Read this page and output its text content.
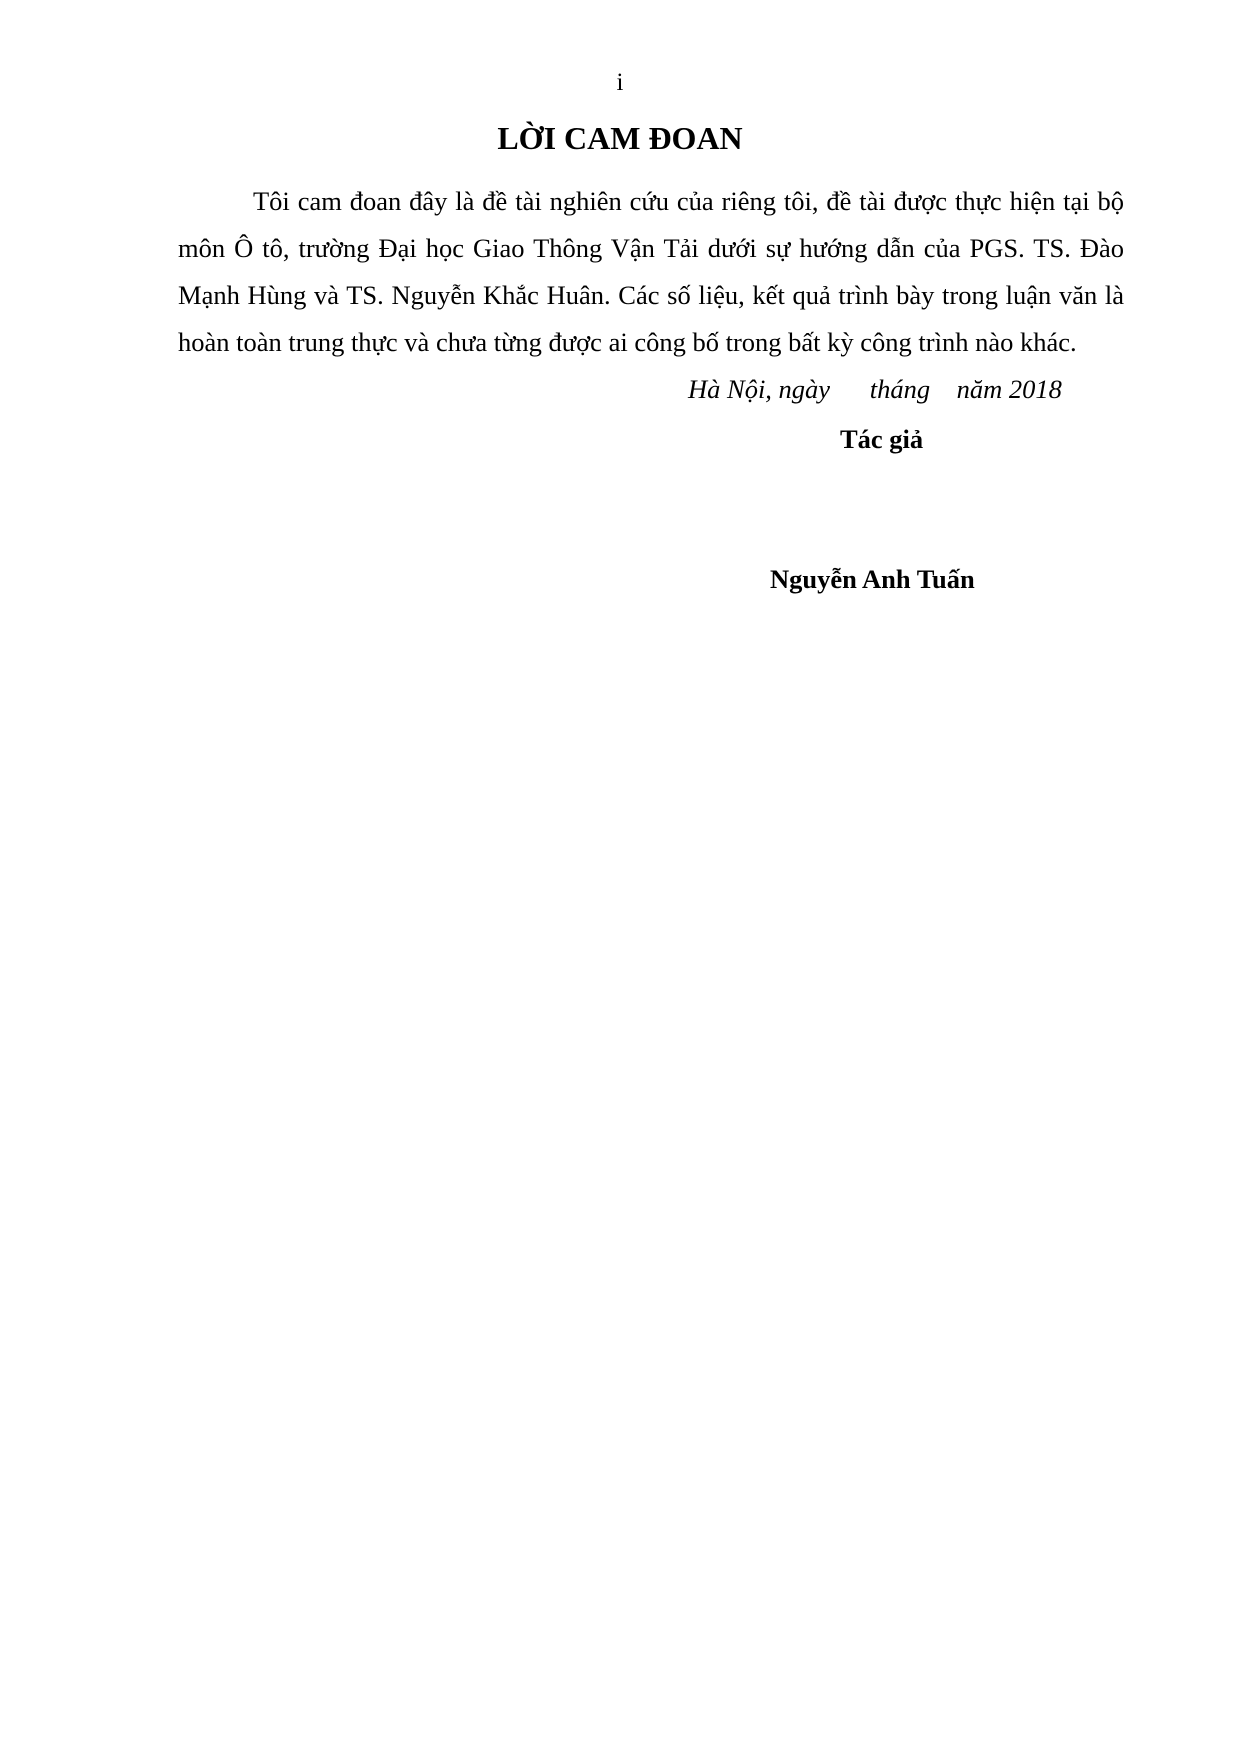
i
LỜI CAM ĐOAN

Tôi cam đoan đây là đề tài nghiên cứu của riêng tôi, đề tài được thực hiện tại bộ môn Ô tô, trường Đại học Giao Thông Vận Tải dưới sự hướng dẫn của PGS. TS. Đào Mạnh Hùng và TS. Nguyễn Khắc Huân. Các số liệu, kết quả trình bày trong luận văn là hoàn toàn trung thực và chưa từng được ai công bố trong bất kỳ công trình nào khác.

Hà Nội, ngày      tháng    năm 2018
Tác giả
Nguyễn Anh Tuấn
